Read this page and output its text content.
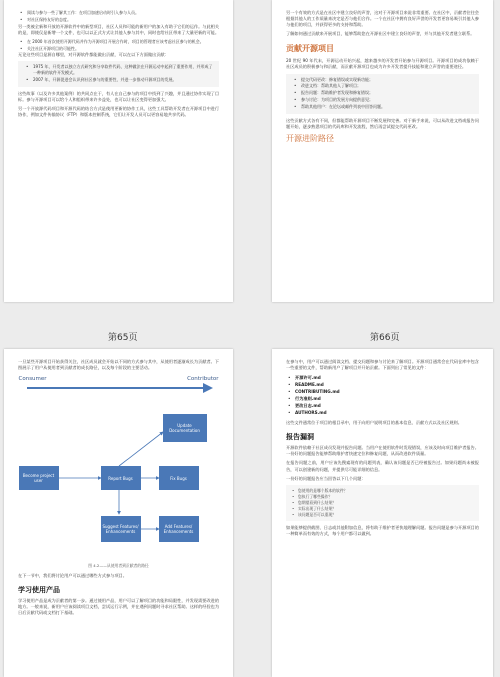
• 阅读与参与一些了解其工作：在项目加速启动时引入参与人员。
• 对社区保持友好的态度。

另一类被全新和开放的开源软件中的新型项目，社区人员和可能的新用户的加入有助于它们的运作。与此相关的是，即使仅是新增一个文件，也可以以正式方式让其他人参与其中，同时也给社区带来了大量更新的可能。

• 在 2000 年首次使用开源代码并作为开源项目开展合作时，项目的管理者应该考虑社区参与的机会。
• 关注社区开源项目的可能性。

无论这些项目是源自哪里，对开源软件都能做出贡献，可以在以下方面做出贡献：

• 1975 年，开发者以独立方式研究和分享软件代码，这种做法在开源运动中起到了重要作用，并形成了一种新的软件开发模式。
• 2007 年，开源促进会认识到社区参与的重要性，并进一步推动开源项目的发展。

这些故事（以及许多其他案例）的共同点在于，有人在自己参与的项目中找到了兴趣，并且通过协作实现了目标。参与开源项目可以给个人和组织带来许多益处，也可以让社区变得更加强大。

另一个开放源代码项目和开源代码的结合方式是使用更新的协作工具，这些工具帮助开发者在开源项目中进行协作，例如文件传输协议（FTP）和版本控制系统，它们让开发人员可以更容易地共享代码。

第65页

另一个有效的方式是在社区中建立良好的声誉，这对于开源项目来说非常重要。在社区中，贡献者往往会根据其他人的工作质量来决定是否与他们合作。一个在社区中拥有良好声誉的开发者更容易吸引其他人参与他们的项目，并获得更多的支持和帮助。

了解如何通过贡献来开展项目，能够帮助您在开源社区中建立良好的声誉，并与其他开发者建立联系。

贡献开源项目

20 世纪 90 年代末，开源运动开始兴起，越来越多的开发者开始参与开源项目。开源项目的成功依赖于社区成员的积极参与和贡献，而贡献开源项目也成为许多开发者提升技能和建立声誉的重要途径。

• 提交代码更改：修复错误或实现新功能；
• 改进文档：帮助其他人了解项目；
• 报告问题：帮助维护者发现和修复错误；
• 参与讨论：为项目的发展方向提供意见；
• 帮助其他用户：在论坛或邮件列表中回答问题。

这些贡献方式各有不同，但都能帮助开源项目不断发展和完善。对于新手来说，可以从改进文档或报告问题开始，逐步熟悉项目的代码库和开发流程，然后再尝试提交代码更改。

开源进阶路径
第66页

一旦某些开源项目开始获得关注，社区成员就会开始以不同的方式参与其中，从使用者逐渐成长为贡献者。下图展示了用户从使用者到贡献者的成长路径，以及每个阶段的主要活动。

Consumer	Contributor
Update Documentation
Become project user	Report Bugs	Fix Bugs
Suggest Features/ Enhancements
Add Features/ Enhancements
图 4.2——从使用者到贡献者的路径

在下一节中，我们将讨论用户可以通过哪些方式参与项目。

学习使用产品

学习使用产品是成为贡献者的第一步。通过使用产品，用户可以了解项目的功能和局限性，并发现需要改进的地方。一般来说，新用户应该阅读项目文档，尝试运行示例，并在遇到问题时寻求社区帮助。这样的经验也为日后贡献代码或文档打下基础。

在参与中，用户可以通过阅读文档、提交问题和参与讨论来了解项目。开源项目通常会在代码仓库中包含一些重要的文件，帮助新用户了解项目并开始贡献。下面列出了常见的文件：

• 开源许可.md
• README.md
• CONTRIBUTING.md
• 行为准则.md
• 更改日志.md
• AUTHORS.md

这些文件通常位于项目的根目录中，用于向用户说明项目的基本信息、贡献方式以及社区规则。

报告漏洞

开源软件依赖于社区成员发现并报告问题。当用户在使用软件时发现错误，应该及时向项目维护者报告。一份好的问题报告能够帮助维护者快速定位和修复问题，从而改进软件质量。

在报告问题之前，用户应该先搜索现有的问题列表，确认该问题是否已经被报告过。如果问题尚未被报告，可以创建新的问题，并提供尽可能详细的信息。

一份好的问题报告应当回答以下几个问题：

• 您使用的是哪个版本的软件？
• 您执行了哪些操作？
• 您期望看到什么结果？
• 实际出现了什么结果？
• 该问题是否可以重现？

如果能够提供截图、日志或其他附加信息，将有助于维护者更快地理解问题。报告问题是参与开源项目的一种简单而有效的方式，每个用户都可以做到。
